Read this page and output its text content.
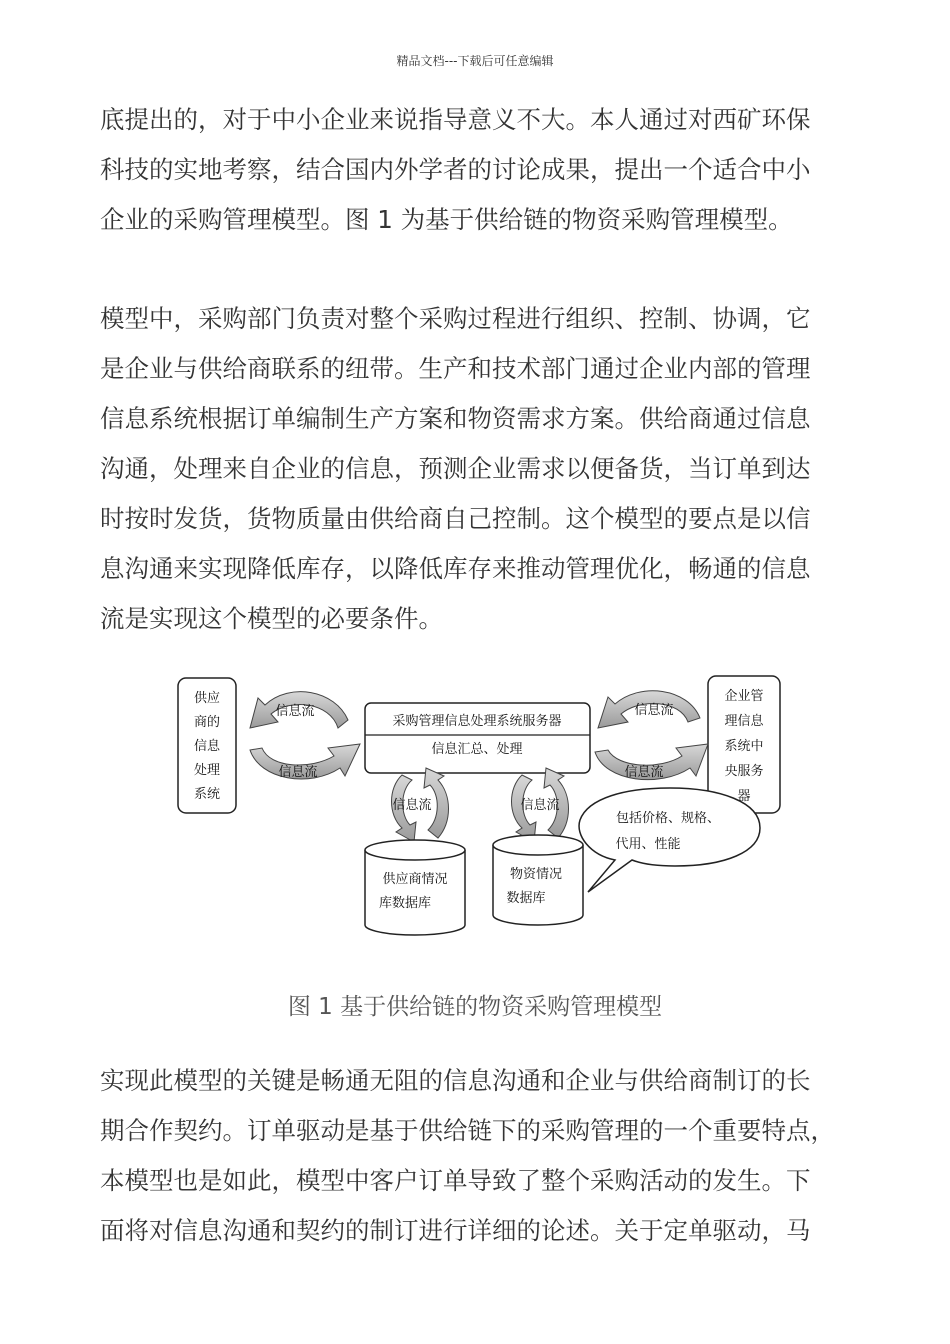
精品文档---下载后可任意编辑
底提出的，对于中小企业来说指导意义不大。本人通过对西矿环保
科技的实地考察，结合国内外学者的讨论成果，提出一个适合中小
企业的采购管理模型。图 1 为基于供给链的物资采购管理模型。
模型中，采购部门负责对整个采购过程进行组织、控制、协调，它
是企业与供给商联系的纽带。生产和技术部门通过企业内部的管理
信息系统根据订单编制生产方案和物资需求方案。供给商通过信息
沟通，处理来自企业的信息，预测企业需求以便备货，当订单到达
时按时发货，货物质量由供给商自己控制。这个模型的要点是以信
息沟通来实现降低库存，以降低库存来推动管理优化，畅通的信息
流是实现这个模型的必要条件。
供应
商的
信息
处理
系统
企业管
理信息
系统中
央服务
器
采购管理信息处理系统服务器
信息汇总、处理
信息流
信息流
信息流
信息流
信息流	信息流
供应商情况
库数据库
物资情况
数据库
包括价格、规格、
代用、性能
图 1 基于供给链的物资采购管理模型
实现此模型的关键是畅通无阻的信息沟通和企业与供给商制订的长
期合作契约。订单驱动是基于供给链下的采购管理的一个重要特点，
本模型也是如此，模型中客户订单导致了整个采购活动的发生。下
面将对信息沟通和契约的制订进行详细的论述。关于定单驱动，马
